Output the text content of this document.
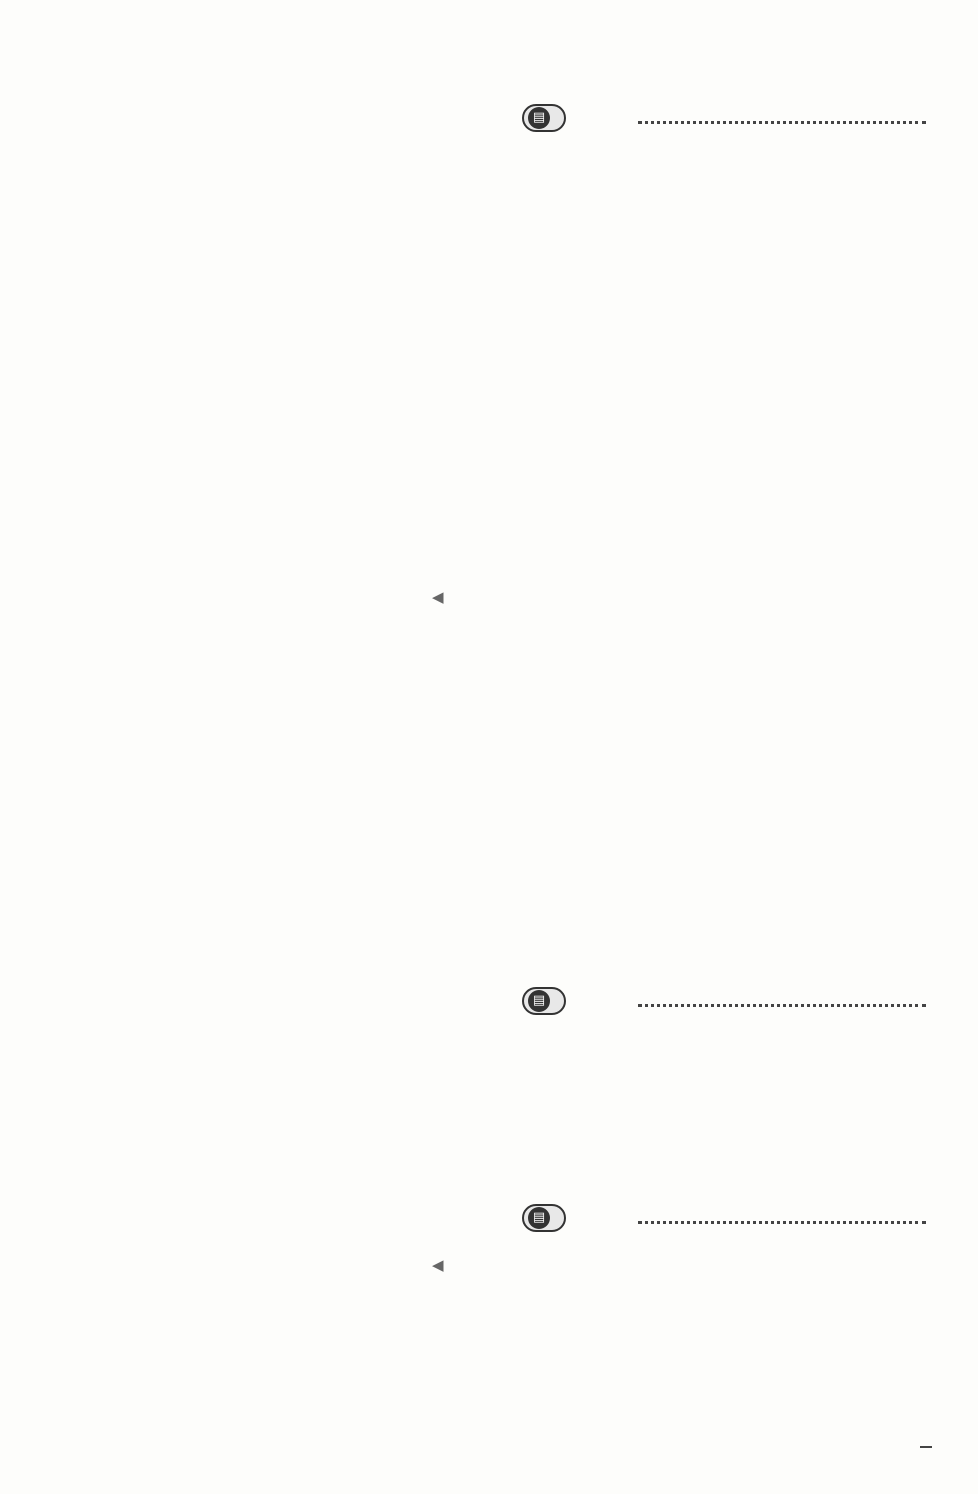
◀
◀
▤
▤
▤
